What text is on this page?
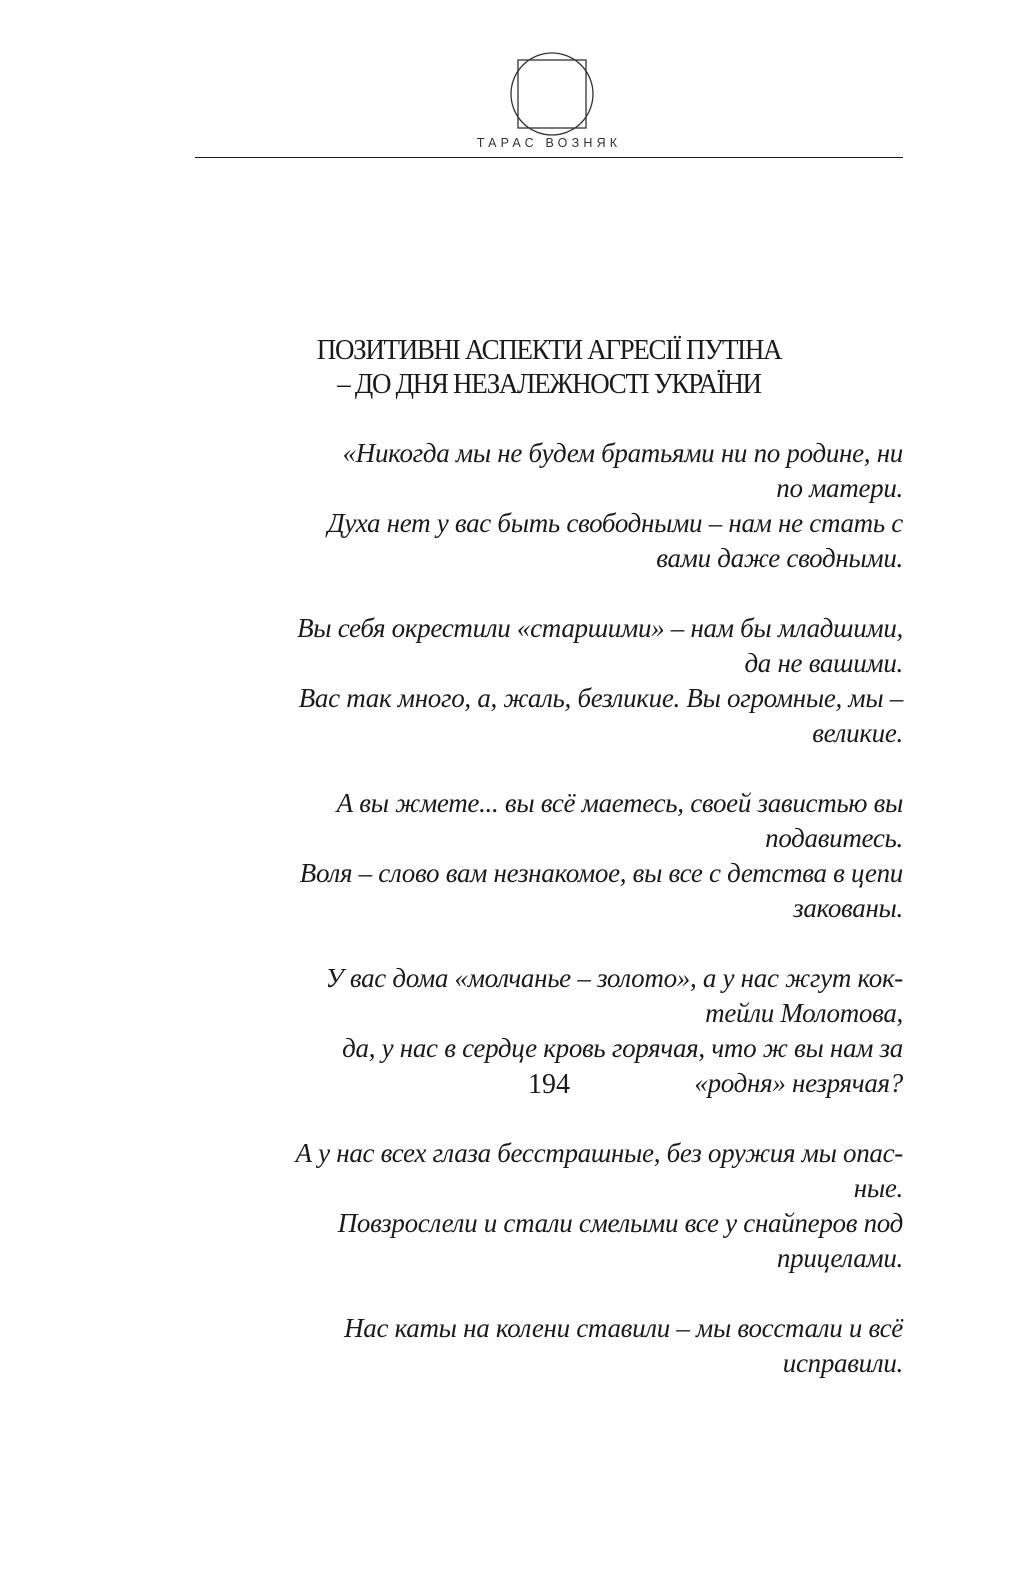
ТАРАС ВОЗНЯК
ПОЗИТИВНІ АСПЕКТИ АГРЕСІЇ ПУТІНА
– ДО ДНЯ НЕЗАЛЕЖНОСТІ УКРАЇНИ
«Никогда мы не будем братьями ни по родине, ни
по матери.
Духа нет у вас быть свободными – нам не стать с
вами даже сводными.
Вы себя окрестили «старшими» – нам бы младшими,
да не вашими.
Вас так много, а, жаль, безликие. Вы огромные, мы –
великие.
А вы жмете... вы всё маетесь, своей завистью вы
подавитесь.
Воля – слово вам незнакомое, вы все с детства в цепи
закованы.
У вас дома «молчанье – золото», а у нас жгут кок-
тейли Молотова,
да, у нас в сердце кровь горячая, что ж вы нам за
«родня» незрячая?
А у нас всех глаза бесстрашные, без оружия мы опас-
ные.
Повзрослели и стали смелыми все у снайперов под
прицелами.
Нас каты на колени ставили – мы восстали и всё
исправили.
194
